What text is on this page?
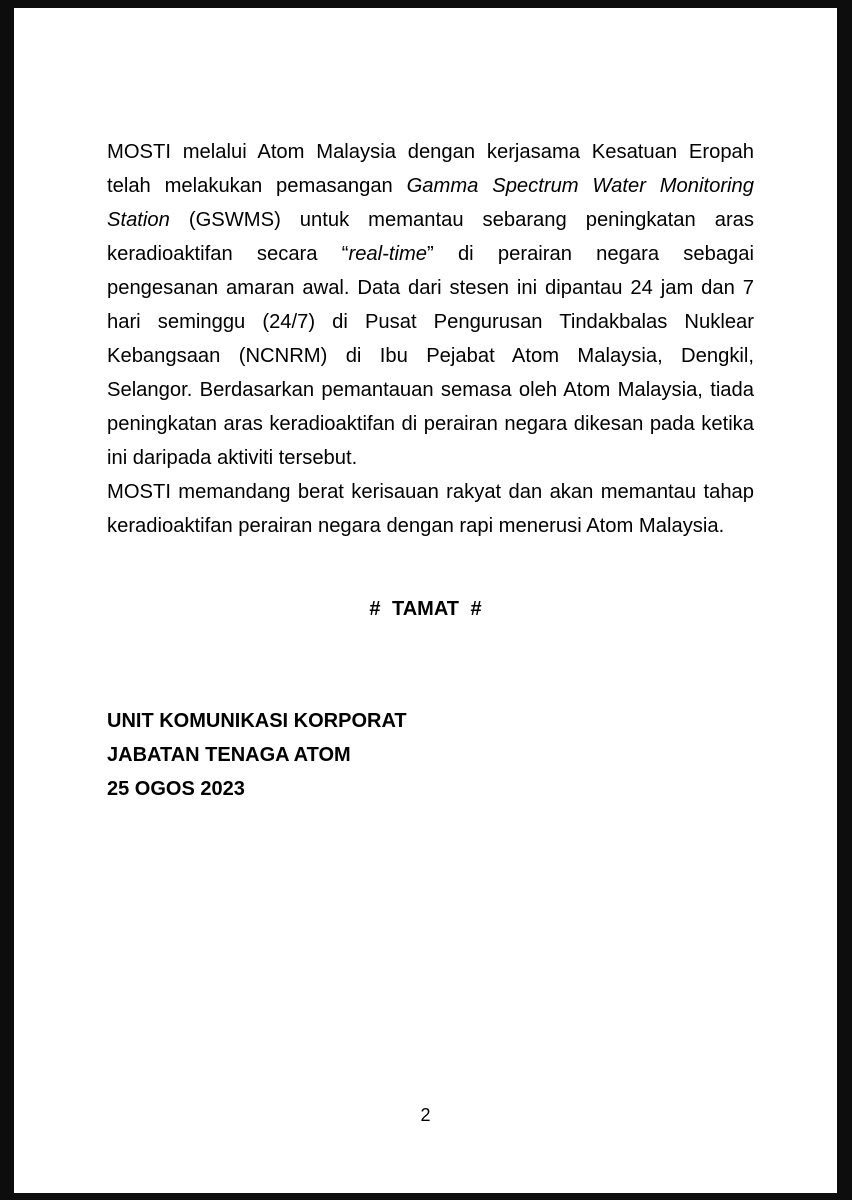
MOSTI melalui Atom Malaysia dengan kerjasama Kesatuan Eropah telah melakukan pemasangan Gamma Spectrum Water Monitoring Station (GSWMS) untuk memantau sebarang peningkatan aras keradioaktifan secara “real-time” di perairan negara sebagai pengesanan amaran awal. Data dari stesen ini dipantau 24 jam dan 7 hari seminggu (24/7) di Pusat Pengurusan Tindakbalas Nuklear Kebangsaan (NCNRM) di Ibu Pejabat Atom Malaysia, Dengkil, Selangor. Berdasarkan pemantauan semasa oleh Atom Malaysia, tiada peningkatan aras keradioaktifan di perairan negara dikesan pada ketika ini daripada aktiviti tersebut.

MOSTI memandang berat kerisauan rakyat dan akan memantau tahap keradioaktifan perairan negara dengan rapi menerusi Atom Malaysia.

# TAMAT #
UNIT KOMUNIKASI KORPORAT
JABATAN TENAGA ATOM
25 OGOS 2023
2
